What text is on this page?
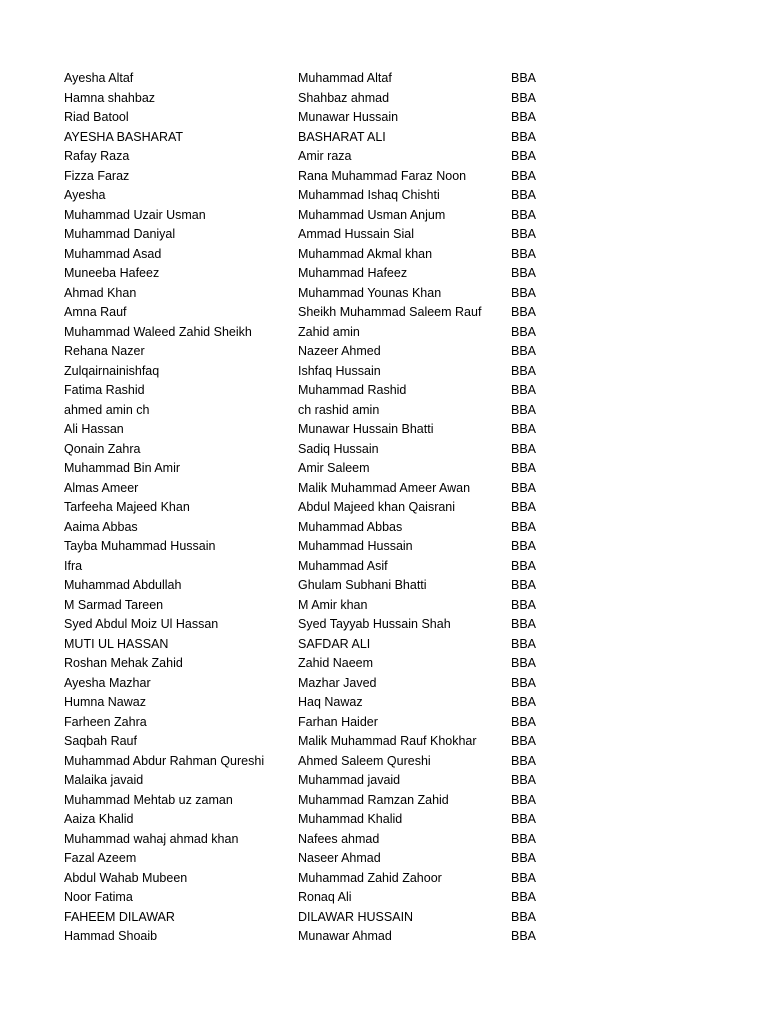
Ayesha Altaf	Muhammad Altaf	BBA
Hamna shahbaz	Shahbaz ahmad	BBA
Riad Batool	Munawar Hussain	BBA
AYESHA BASHARAT	BASHARAT ALI	BBA
Rafay Raza	Amir raza	BBA
Fizza Faraz	Rana Muhammad Faraz Noon	BBA
Ayesha	Muhammad Ishaq Chishti	BBA
Muhammad Uzair Usman	Muhammad Usman Anjum	BBA
Muhammad Daniyal	Ammad Hussain Sial	BBA
Muhammad Asad	Muhammad Akmal khan	BBA
Muneeba Hafeez	Muhammad Hafeez	BBA
Ahmad Khan	Muhammad Younas Khan	BBA
Amna Rauf	Sheikh Muhammad Saleem Rauf	BBA
Muhammad Waleed Zahid Sheikh	Zahid amin	BBA
Rehana Nazer	Nazeer Ahmed	BBA
Zulqairnainishfaq	Ishfaq Hussain	BBA
Fatima Rashid	Muhammad Rashid	BBA
ahmed amin ch	ch rashid amin	BBA
Ali Hassan	Munawar Hussain Bhatti	BBA
Qonain Zahra	Sadiq Hussain	BBA
Muhammad Bin Amir	Amir Saleem	BBA
Almas Ameer	Malik Muhammad Ameer Awan	BBA
Tarfeeha Majeed Khan	Abdul Majeed khan Qaisrani	BBA
Aaima Abbas	Muhammad Abbas	BBA
Tayba Muhammad Hussain	Muhammad Hussain	BBA
Ifra	Muhammad Asif	BBA
Muhammad Abdullah	Ghulam Subhani Bhatti	BBA
M Sarmad Tareen	M Amir khan	BBA
Syed Abdul Moiz Ul Hassan	Syed Tayyab Hussain Shah	BBA
MUTI UL HASSAN	SAFDAR ALI	BBA
Roshan Mehak Zahid	Zahid Naeem	BBA
Ayesha Mazhar	Mazhar Javed	BBA
Humna Nawaz	Haq Nawaz	BBA
Farheen Zahra	Farhan Haider	BBA
Saqbah Rauf	Malik Muhammad Rauf Khokhar	BBA
Muhammad Abdur Rahman Qureshi	Ahmed Saleem Qureshi	BBA
Malaika javaid	Muhammad javaid	BBA
Muhammad Mehtab uz zaman	Muhammad Ramzan Zahid	BBA
Aaiza Khalid	Muhammad Khalid	BBA
Muhammad wahaj ahmad khan	Nafees ahmad	BBA
Fazal Azeem	Naseer Ahmad	BBA
Abdul Wahab Mubeen	Muhammad Zahid Zahoor	BBA
Noor Fatima	Ronaq Ali	BBA
FAHEEM DILAWAR	DILAWAR HUSSAIN	BBA
Hammad Shoaib	Munawar Ahmad	BBA
